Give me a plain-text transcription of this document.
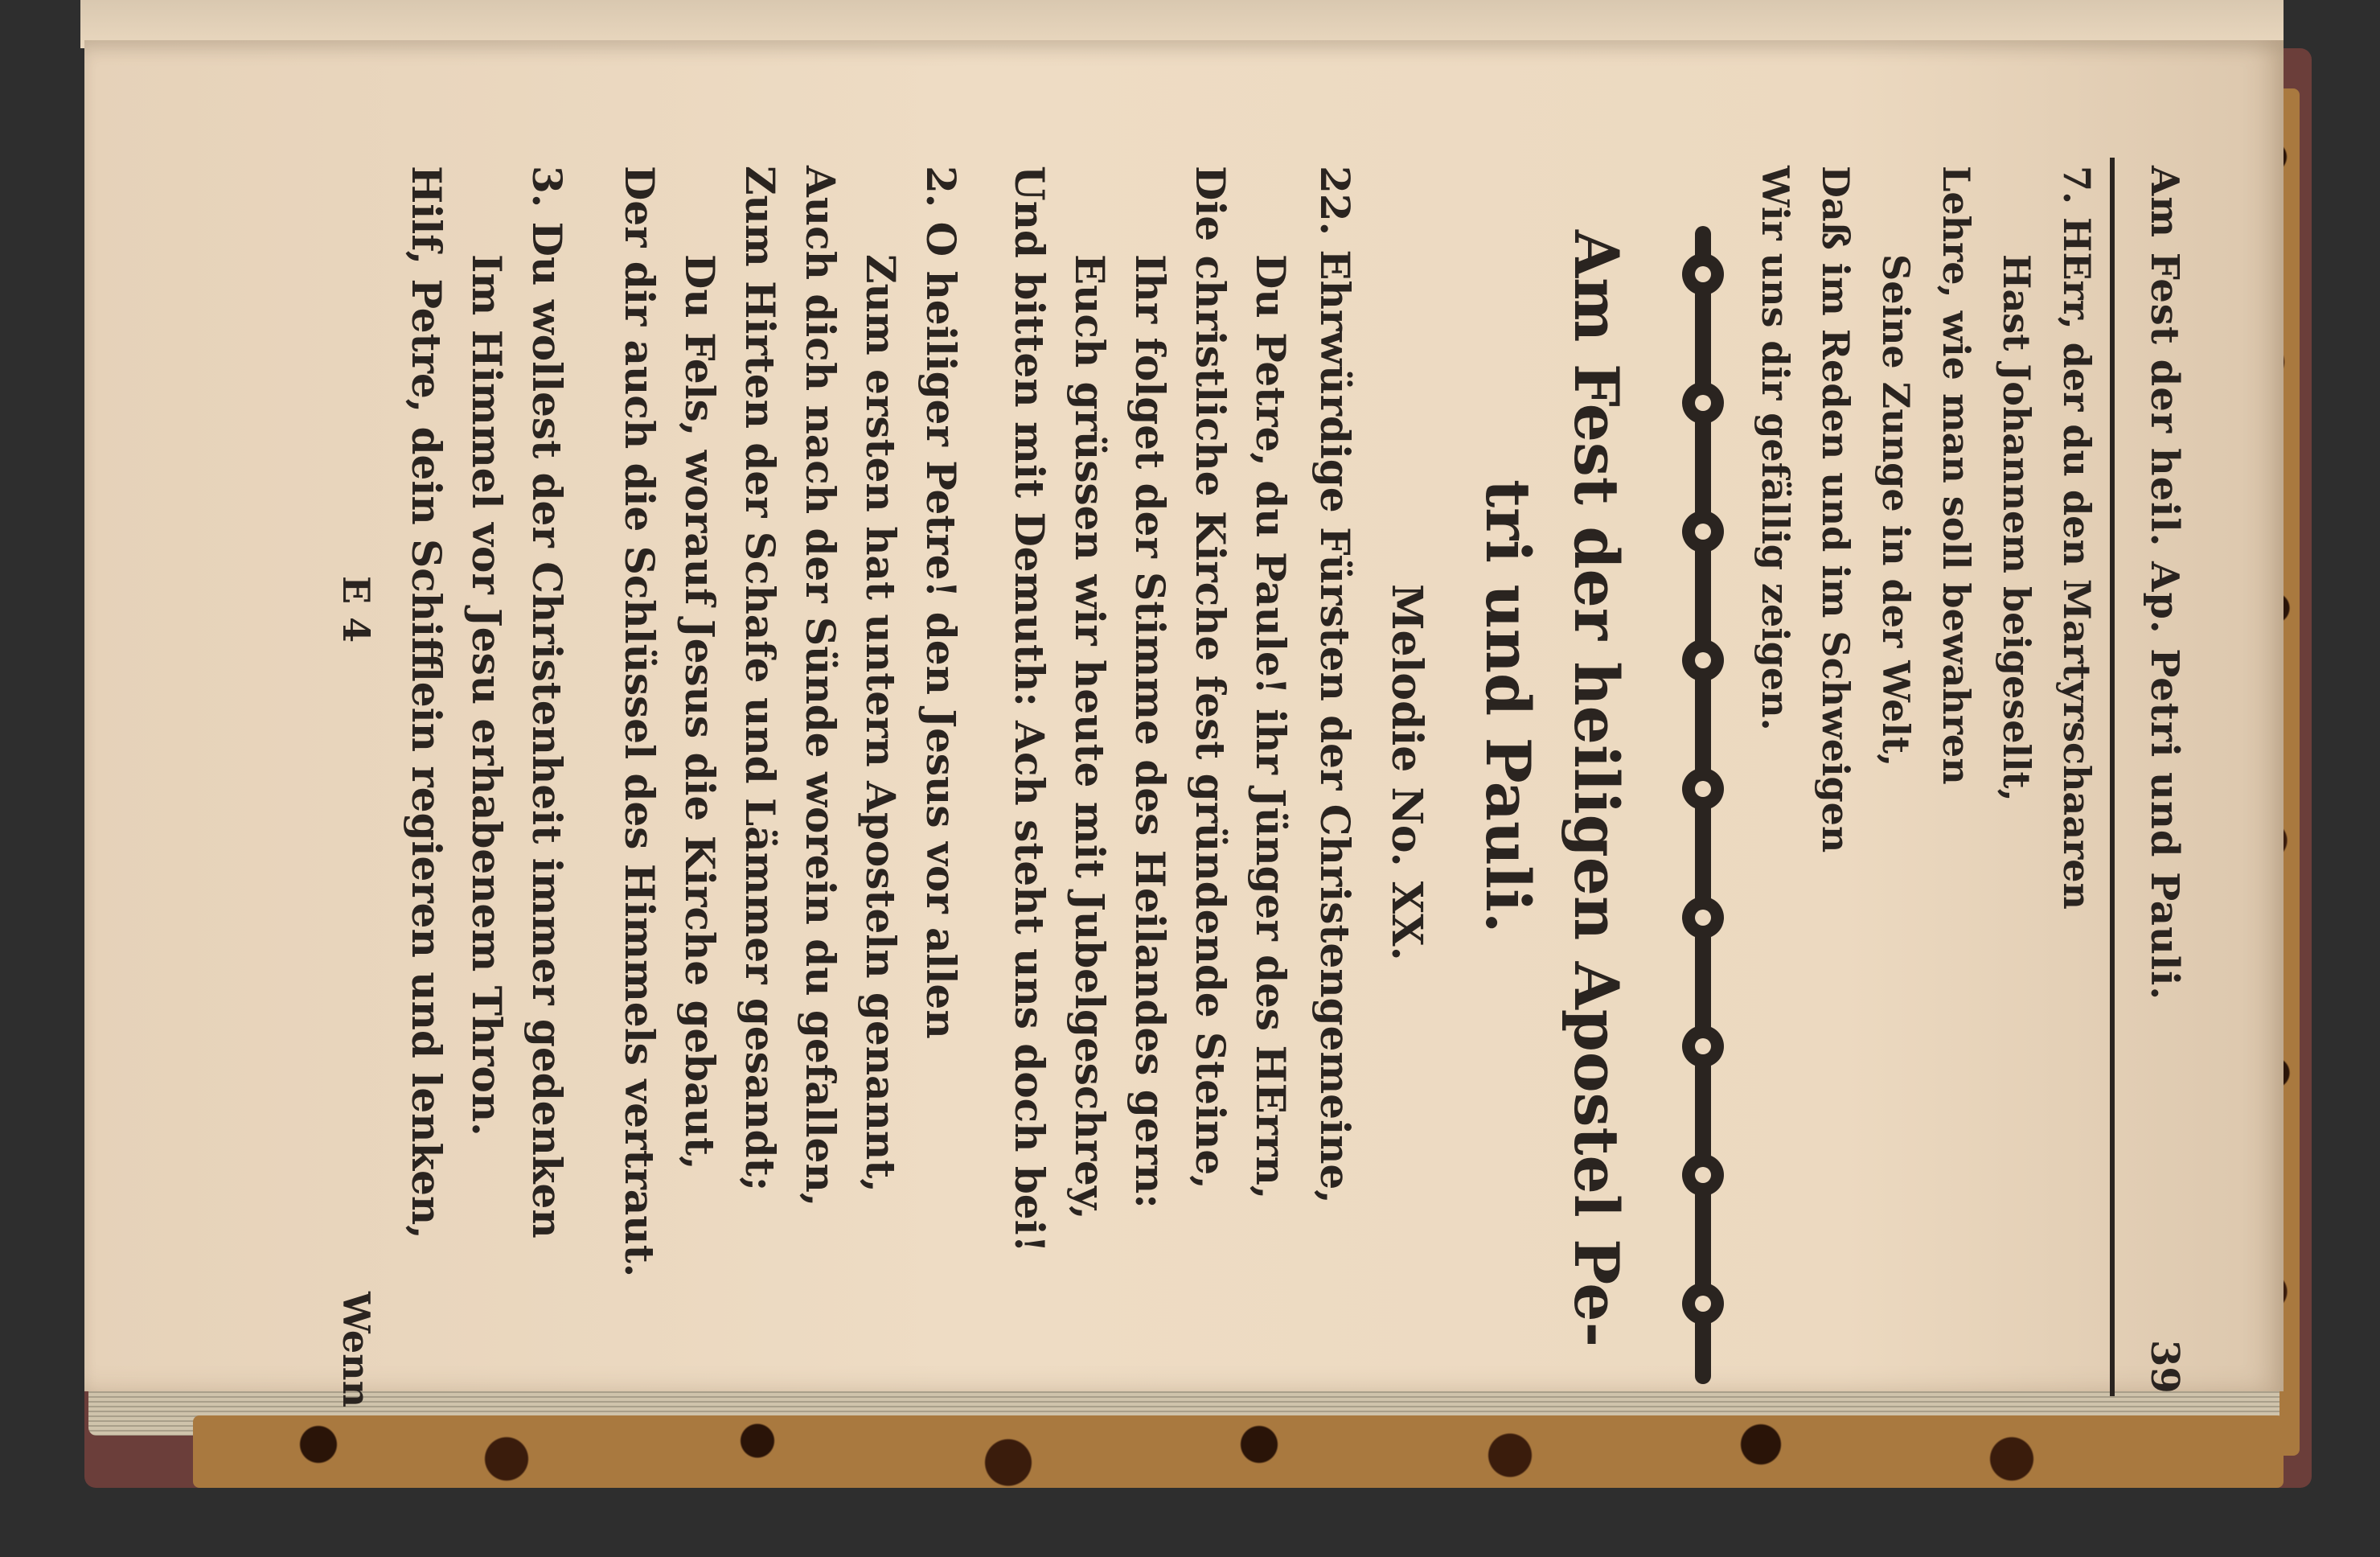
Am Fest der heil. Ap. Petri und Pauli.
39
7. HErr, der du den Martyrschaaren
Hast Johannem beigesellt,
Lehre, wie man soll bewahren
Seine Zunge in der Welt,
Daß im Reden und im Schweigen
Wir uns dir gefällig zeigen.
Am Fest der heiligen Apostel Pe-
tri und Pauli.
Melodie No. XX.
22. Ehrwürdige Fürsten der Christengemeine,
Du Petre, du Paule! ihr Jünger des HErrn,
Die christliche Kirche fest gründende Steine,
Ihr folget der Stimme des Heilandes gern:
Euch grüssen wir heute mit Jubelgeschrey,
Und bitten mit Demuth: Ach steht uns doch bei!
2. O heiliger Petre! den Jesus vor allen
Zum ersten hat untern Aposteln genannt,
Auch dich nach der Sünde worein du gefallen,
Zum Hirten der Schafe und Lämmer gesandt;
Du Fels, worauf Jesus die Kirche gebaut,
Der dir auch die Schlüssel des Himmels vertraut.
3. Du wollest der Christenheit immer gedenken
Im Himmel vor Jesu erhabenem Thron.
Hilf, Petre, dein Schifflein regieren und lenken,
E 4
Wenn
